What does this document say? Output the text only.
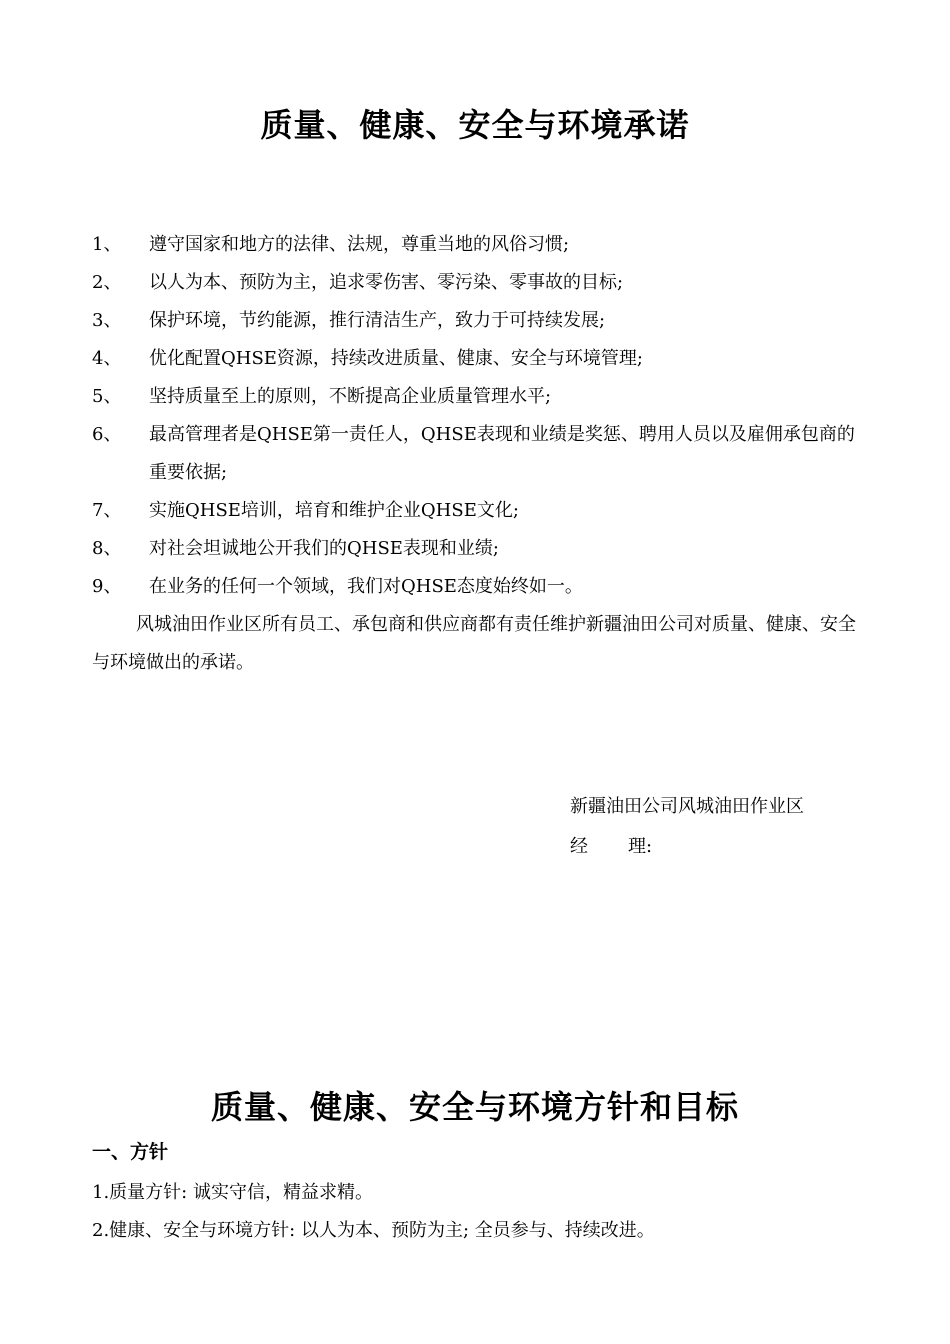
质量、健康、安全与环境承诺
1、	遵守国家和地方的法律、法规，尊重当地的风俗习惯;
2、	以人为本、预防为主，追求零伤害、零污染、零事故的目标;
3、	保护环境，节约能源，推行清洁生产，致力于可持续发展;
4、	优化配置QHSE资源，持续改进质量、健康、安全与环境管理;
5、	坚持质量至上的原则，不断提高企业质量管理水平;
6、	最高管理者是QHSE第一责任人，QHSE表现和业绩是奖惩、聘用人员以及雇佣承包商的重要依据;
7、	实施QHSE培训，培育和维护企业QHSE文化;
8、	对社会坦诚地公开我们的QHSE表现和业绩;
9、	在业务的任何一个领域，我们对QHSE态度始终如一。

风城油田作业区所有员工、承包商和供应商都有责任维护新疆油田公司对质量、健康、安全与环境做出的承诺。

新疆油田公司风城油田作业区
经理:
质量、健康、安全与环境方针和目标
一、方针
1.质量方针: 诚实守信，精益求精。
2.健康、安全与环境方针: 以人为本、预防为主; 全员参与、持续改进。
